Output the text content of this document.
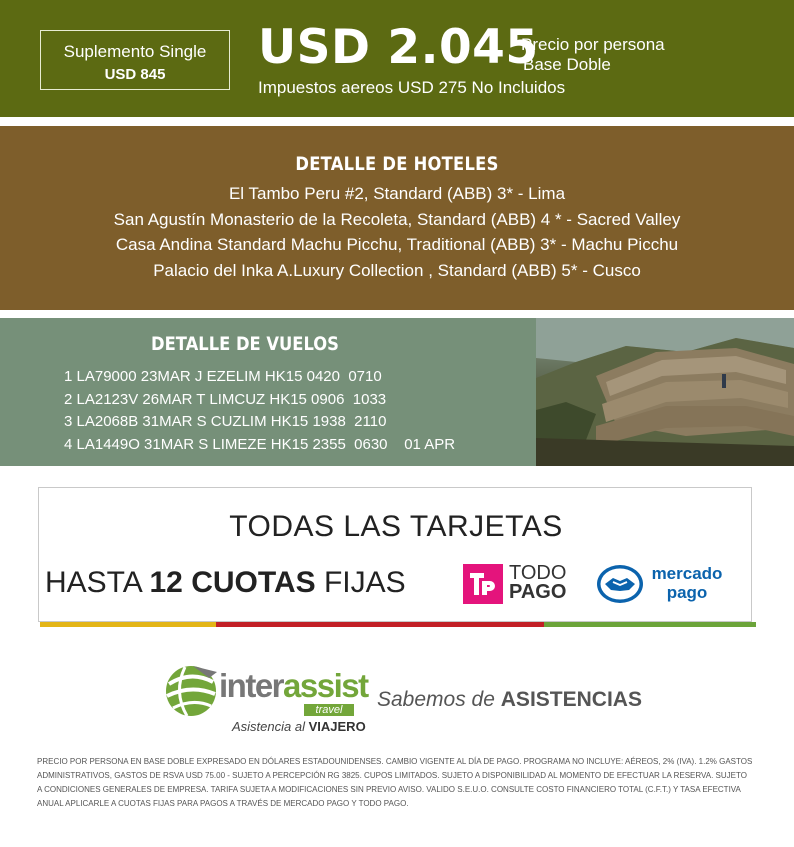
Suplemento Single
USD 845	USD 2.045
Precio por persona
Base Doble
Impuestos aereos USD 275 No Incluidos
DETALLE DE HOTELES
El Tambo Peru #2, Standard (ABB) 3* - Lima
San Agustín Monasterio de la Recoleta, Standard (ABB) 4 * - Sacred Valley
Casa Andina Standard Machu Picchu, Traditional (ABB) 3* - Machu Picchu
Palacio del Inka A.Luxury Collection , Standard (ABB) 5* - Cusco
DETALLE DE VUELOS
1 LA79000 23MAR J EZELIM HK15 0420  0710
2 LA2123V 26MAR T LIMCUZ HK15 0906  1033
3 LA2068B 31MAR S CUZLIM HK15 1938  2110
4 LA1449O 31MAR S LIMEZE HK15 2355  0630    01 APR
TODAS LAS TARJETAS
HASTA 12 CUOTAS FIJAS	TODO
PAGO
mercado
pago
interassist
travel
Asistencia al VIAJERO
Sabemos de ASISTENCIAS
PRECIO POR PERSONA EN BASE DOBLE EXPRESADO EN DÓLARES ESTADOUNIDENSES. CAMBIO VIGENTE AL DÍA DE PAGO. PROGRAMA NO INCLUYE: AÉREOS, 2% (IVA). 1.2% GASTOS ADMINISTRATIVOS, GASTOS DE RSVA USD 75.00 - SUJETO A PERCEPCIÓN RG 3825. CUPOS LIMITADOS. SUJETO A DISPONIBILIDAD AL MOMENTO DE EFECTUAR LA RESERVA. SUJETO A CONDICIONES GENERALES DE EMPRESA. TARIFA SUJETA A MODIFICACIONES SIN PREVIO AVISO. VALIDO S.E.U.O. CONSULTE COSTO FINANCIERO TOTAL (C.F.T.) Y TASA EFECTIVA ANUAL APLICARLE A CUOTAS FIJAS PARA PAGOS A TRAVÉS DE MERCADO PAGO Y TODO PAGO.
